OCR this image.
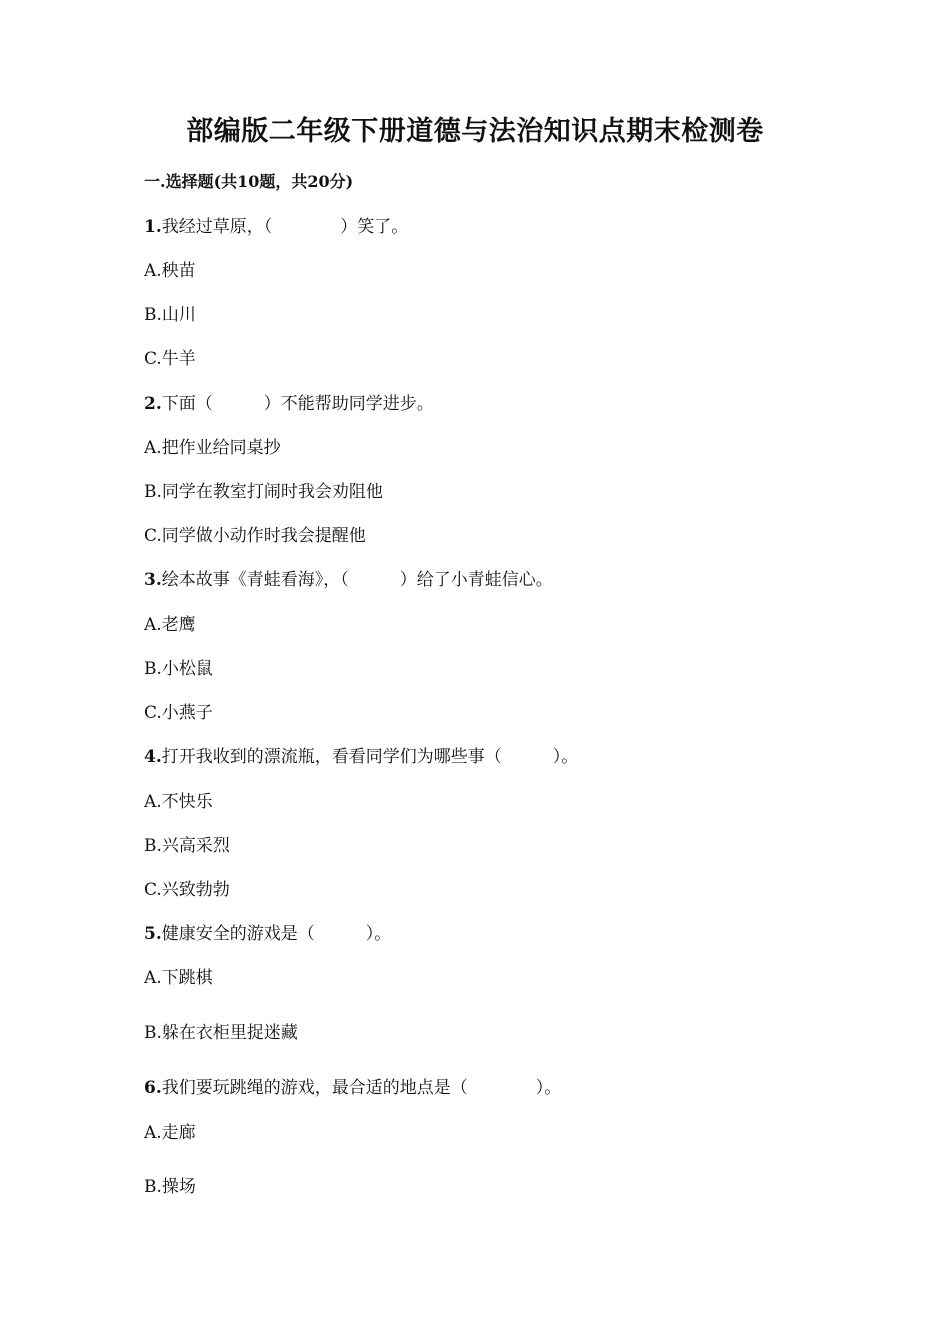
部编版二年级下册道德与法治知识点期末检测卷
一.选择题(共10题，共20分)
1.我经过草原，（　　　　）笑了。
A.秧苗
B.山川
C.牛羊
2.下面（　　　）不能帮助同学进步。
A.把作业给同桌抄
B.同学在教室打闹时我会劝阻他
C.同学做小动作时我会提醒他
3.绘本故事《青蛙看海》，（　　　）给了小青蛙信心。
A.老鹰
B.小松鼠
C.小燕子
4.打开我收到的漂流瓶，看看同学们为哪些事（　　　）。
A.不快乐
B.兴高采烈
C.兴致勃勃
5.健康安全的游戏是（　　　）。
A.下跳棋
B.躲在衣柜里捉迷藏
6.我们要玩跳绳的游戏，最合适的地点是（　　　　）。
A.走廊
B.操场
